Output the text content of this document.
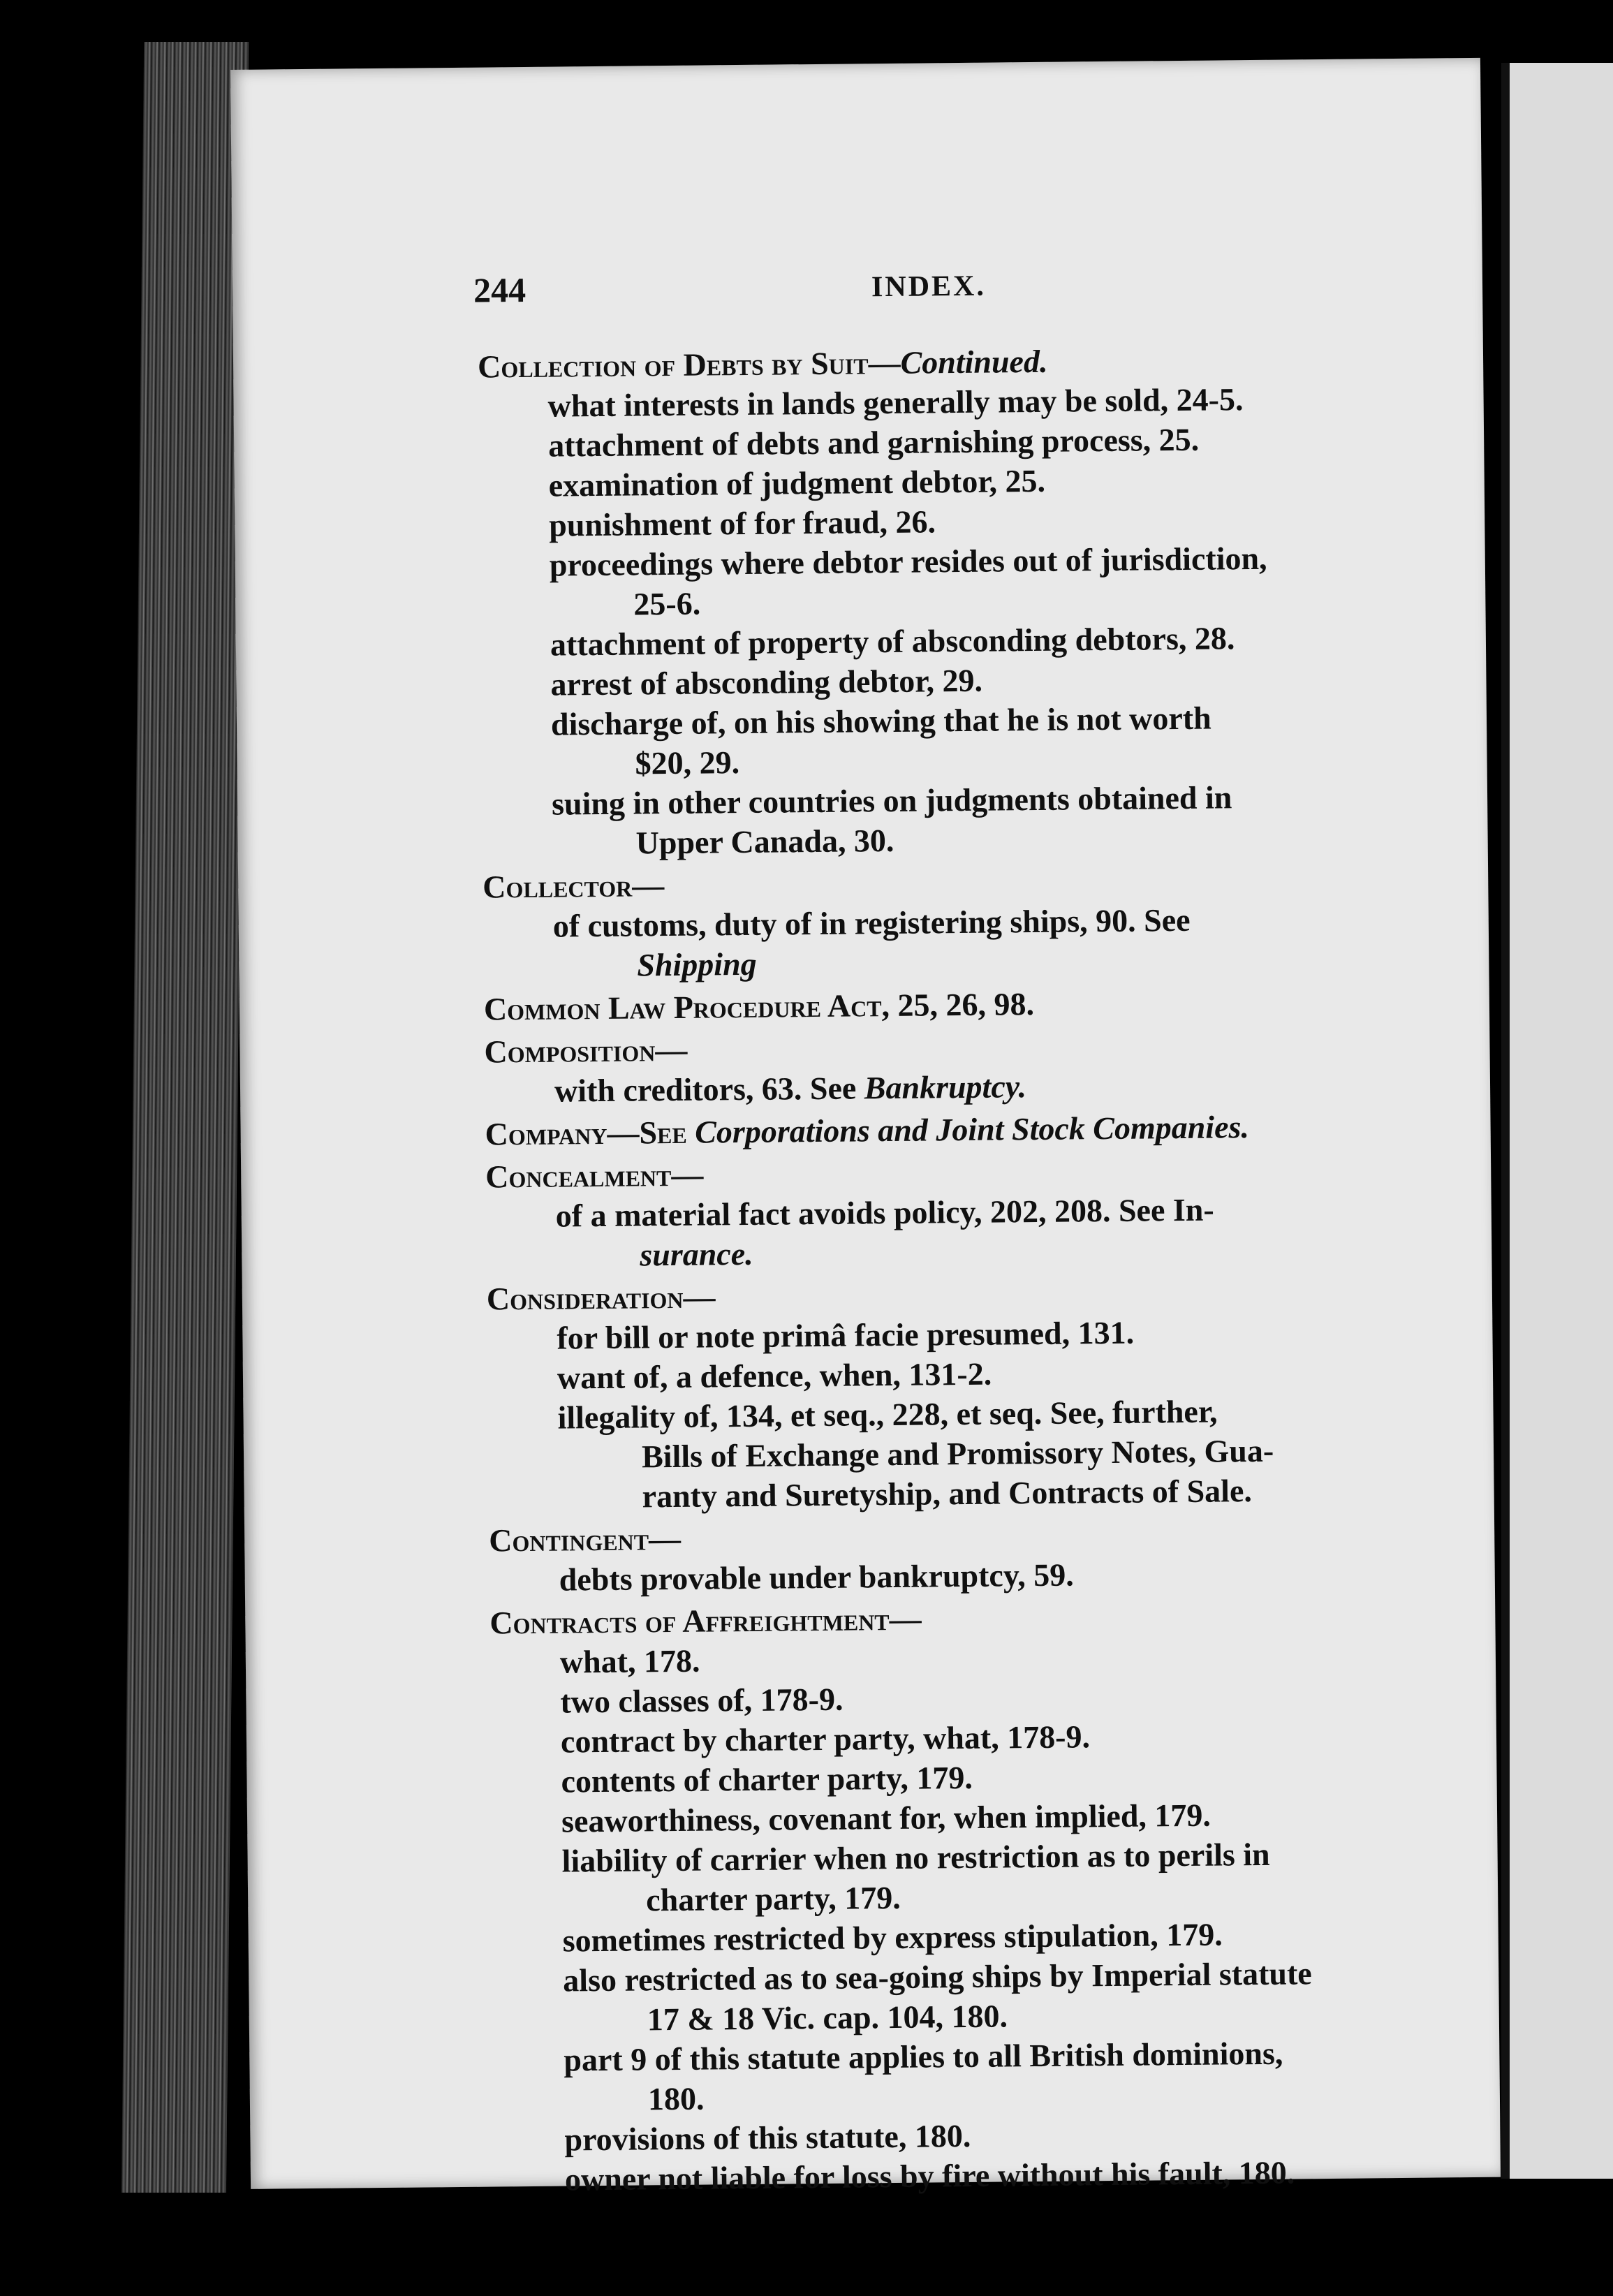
244	INDEX.
Collection of Debts by Suit—Continued.
what interests in lands generally may be sold, 24-5.
attachment of debts and garnishing process, 25.
examination of judgment debtor, 25.
punishment of for fraud, 26.
proceedings where debtor resides out of jurisdiction,
25-6.
attachment of property of absconding debtors, 28.
arrest of absconding debtor, 29.
discharge of, on his showing that he is not worth
$20, 29.
suing in other countries on judgments obtained in
Upper Canada, 30.
Collector—
of customs, duty of in registering ships, 90. See
Shipping
Common Law Procedure Act, 25, 26, 98.
Composition—
with creditors, 63. See Bankruptcy.
Company—See Corporations and Joint Stock Companies.
Concealment—
of a material fact avoids policy, 202, 208. See In-
surance.
Consideration—
for bill or note primâ facie presumed, 131.
want of, a defence, when, 131-2.
illegality of, 134, et seq., 228, et seq. See, further,
Bills of Exchange and Promissory Notes, Gua-
ranty and Suretyship, and Contracts of Sale.
Contingent—
debts provable under bankruptcy, 59.
Contracts of Affreightment—
what, 178.
two classes of, 178-9.
contract by charter party, what, 178-9.
contents of charter party, 179.
seaworthiness, covenant for, when implied, 179.
liability of carrier when no restriction as to perils in
charter party, 179.
sometimes restricted by express stipulation, 179.
also restricted as to sea-going ships by Imperial statute
17 & 18 Vic. cap. 104, 180.
part 9 of this statute applies to all British dominions,
180.
provisions of this statute, 180.
owner not liable for loss by fire without his fault, 180.
